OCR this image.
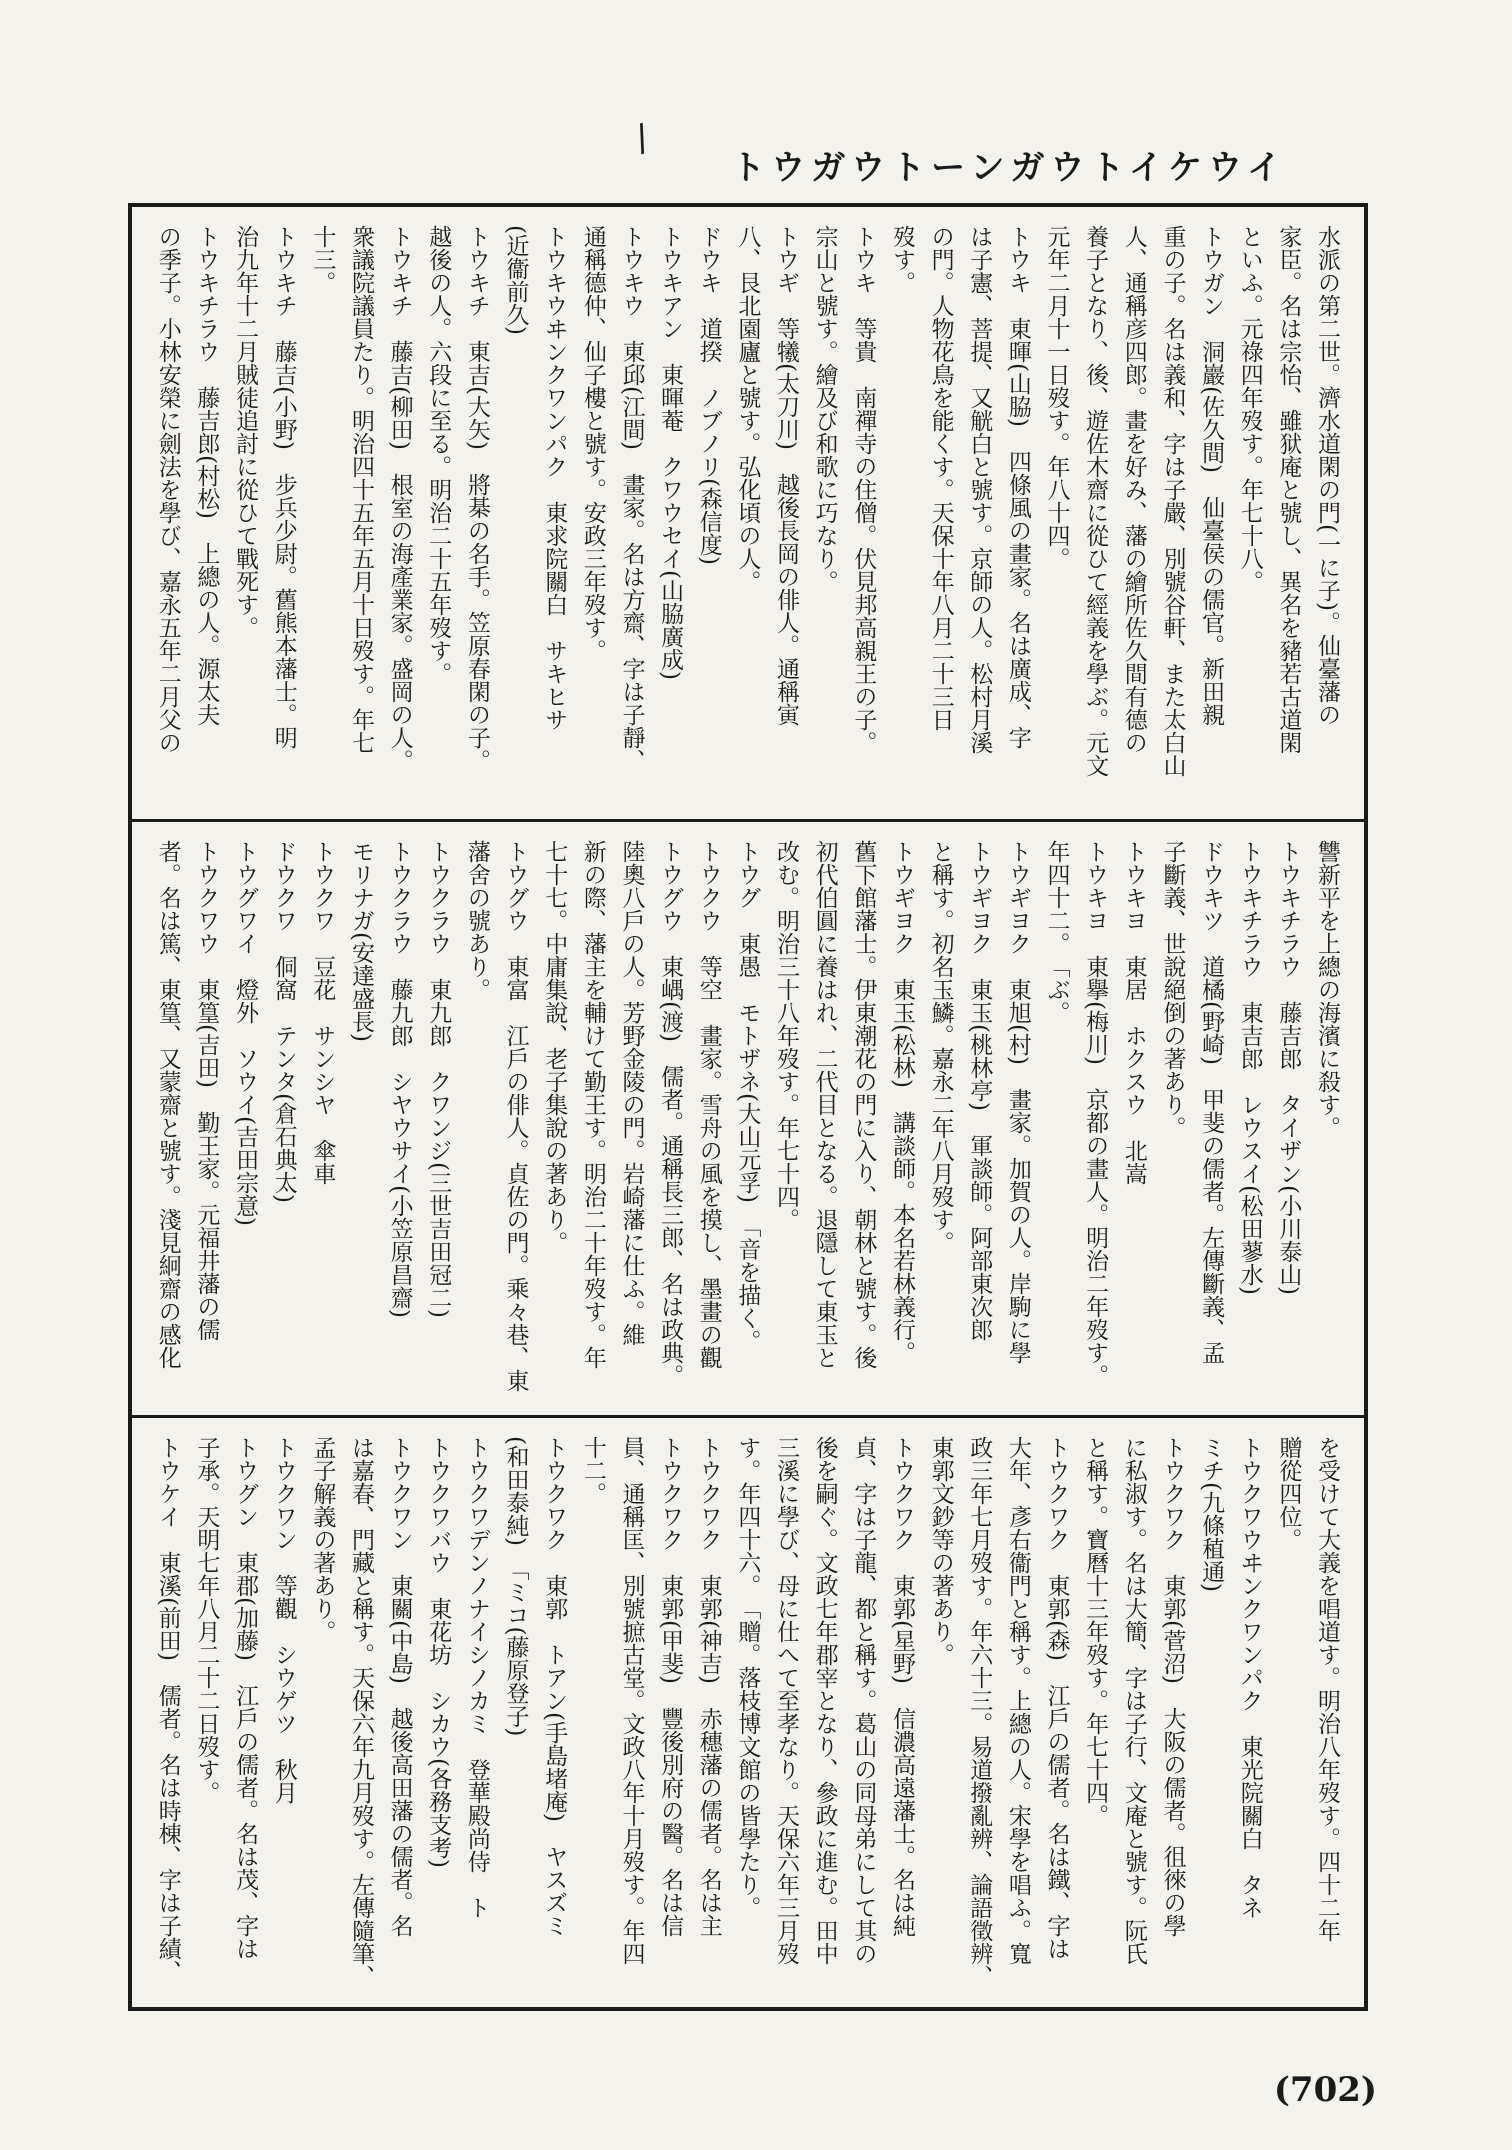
/
トウガウトーンガウトイケウイ
水派の第二世。濟水道閑の門(一に子)。仙臺藩の
家臣。名は宗怡、雖狱庵と號し、異名を豬若古道閑
といふ。元祿四年歿す。年七十八。
トウガン　洞巖(佐久間)　仙臺侯の儒官。新田親
重の子。名は義和、字は子嚴、別號谷軒、また太白山
人、通稱彦四郎。畫を好み、藩の繪所佐久間有德の
養子となり、後、遊佐木齋に從ひて經義を學ぶ。元文
元年二月十一日歿す。年八十四。
トウキ　東暉(山脇)　四條風の畫家。名は廣成、字
は子憲、菩提、又觥白と號す。京師の人。松村月溪
の門。人物花鳥を能くす。天保十年八月二十三日
歿す。
トウキ　等貴　南禪寺の住僧。伏見邦高親王の子。
宗山と號す。繪及び和歌に巧なり。
トウギ　等犧(太刀川)　越後長岡の俳人。通稱寅
八、艮北園廬と號す。弘化頃の人。
ドウキ　道揆　ノブノリ(森信度)
トウキアン　東暉菴　クワウセイ(山脇廣成)
トウキウ　東邱(江間)　畫家。名は方齋、字は子靜、
通稱德仲、仙子樓と號す。安政三年歿す。
トウキウヰンクワンパク　東求院關白　サキヒサ
(近衞前久)
トウキチ　東吉(大矢)　將棊の名手。笠原春閑の子。
越後の人。六段に至る。明治二十五年歿す。
トウキチ　藤吉(柳田)　根室の海產業家。盛岡の人。
衆議院議員たり。明治四十五年五月十日歿す。年七
十三。
トウキチ　藤吉(小野)　步兵少尉。舊熊本藩士。明
治九年十二月賊徒追討に從ひて戰死す。
トウキチラウ　藤吉郎(村松)　上總の人。源太夫
の季子。小林安榮に劍法を學び、嘉永五年二月父の
讐新平を上總の海濱に殺す。
トウキチラウ　藤吉郎　タイザン(小川泰山)
トウキチラウ　東吉郎　レウスイ(松田蓼水)
ドウキツ　道橘(野崎)　甲斐の儒者。左傳斷義、孟
子斷義、世說絕倒の著あり。
トウキヨ　東居　ホクスウ　北嵩
トウキヨ　東擧(梅川)　京都の畫人。明治二年歿す。
年四十二。　「ぶ。
トウギヨク　東旭(村)　畫家。加賀の人。岸駒に學
トウギヨク　東玉(桃林亭)　軍談師。阿部東次郎
と稱す。初名玉鱗。嘉永二年八月歿す。
トウギヨク　東玉(松林)　講談師。本名若林義行。
舊下館藩士。伊東潮花の門に入り、朝林と號す。後
初代伯圓に養はれ、二代目となる。退隱して東玉と
改む。明治三十八年歿す。年七十四。
トウグ　東愚　モトザネ(大山元孚)　「音を描く。
トウクウ　等空　畫家。雪舟の風を摸し、墨畫の觀
トウグウ　東嵎(渡)　儒者。通稱長三郎、名は政典。
陸奧八戶の人。芳野金陵の門。岩崎藩に仕ふ。維
新の際、藩主を輔けて勤王す。明治二十年歿す。年
七十七。中庸集說、老子集說の著あり。
トウグウ　東富　江戶の俳人。貞佐の門。乘々巷、東
藩舍の號あり。
トウクラウ　東九郎　クワンジ(三世吉田冠二)
トウクラウ　藤九郎　シヤウサイ(小笠原昌齋)
モリナガ(安達盛長)
トウクワ　豆花　サンシヤ　傘車
ドウクワ　侗窩　テンタ(倉石典太)
トウグワイ　燈外　ソウイ(吉田宗意)
トウクワウ　東篁(吉田)　勤王家。元福井藩の儒
者。名は篤、東篁、又蒙齋と號す。淺見絅齋の感化
を受けて大義を唱道す。明治八年歿す。四十二年
贈從四位。
トウクワウヰンクワンパク　東光院關白　タネ
ミチ(九條稙通)
トウクワク　東郭(菅沼)　大阪の儒者。徂徠の學
に私淑す。名は大簡、字は子行、文庵と號す。阮氏
と稱す。寶曆十三年歿す。年七十四。
トウクワク　東郭(森)　江戶の儒者。名は鐵、字は
大年、彥右衞門と稱す。上總の人。宋學を唱ふ。寬
政三年七月歿す。年六十三。易道撥亂辨、論語徵辨、
東郭文鈔等の著あり。
トウクワク　東郭(星野)　信濃高遠藩士。名は純
貞、字は子龍、都と稱す。葛山の同母弟にして其の
後を嗣ぐ。文政七年郡宰となり、參政に進む。田中
三溪に學び、母に仕へて至孝なり。天保六年三月歿
す。年四十六。　「贈。落枝博文館の皆學たり。
トウクワク　東郭(神吉)　赤穗藩の儒者。名は主
トウクワク　東郭(甲斐)　豐後別府の醫。名は信
員、通稱匡、別號摭古堂。文政八年十月歿す。年四
十二。
トウクワク　東郭　トアン(手島堵庵)　ヤスズミ
(和田泰純)　「ミコ(藤原登子)
トウクワデンノナイシノカミ　登華殿尚侍　ト
トウクワバウ　東花坊　シカウ(各務支考)
トウクワン　東關(中島)　越後高田藩の儒者。名
は嘉春、門藏と稱す。天保六年九月歿す。左傳隨筆、
孟子解義の著あり。
トウクワン　等觀　シウゲツ　秋月
トウグン　東郡(加藤)　江戶の儒者。名は茂、字は
子承。天明七年八月二十二日歿す。
トウケイ　東溪(前田)　儒者。名は時棟、字は子績、
(702)
